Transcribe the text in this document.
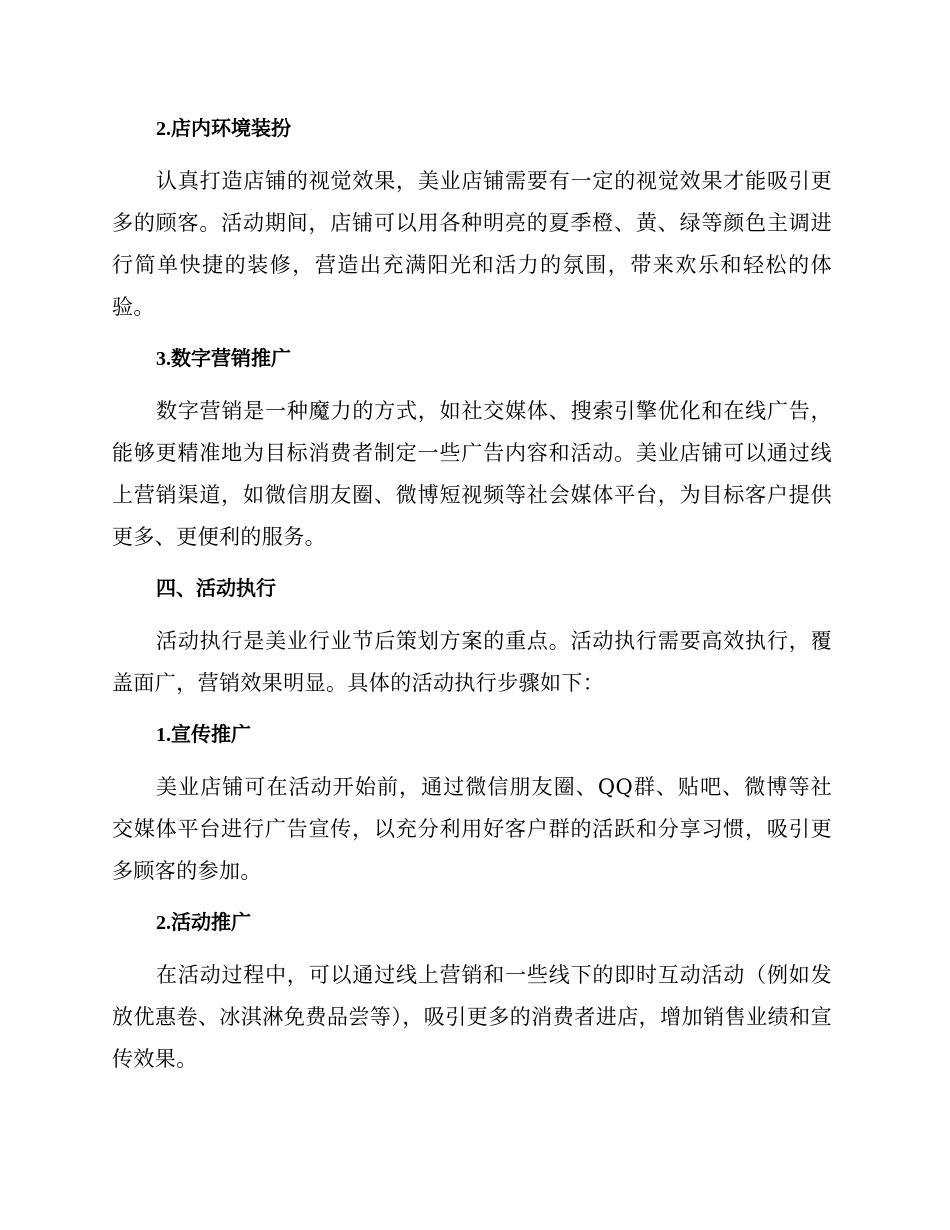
2.店内环境装扮

认真打造店铺的视觉效果，美业店铺需要有一定的视觉效果才能吸引更多的顾客。活动期间，店铺可以用各种明亮的夏季橙、黄、绿等颜色主调进行简单快捷的装修，营造出充满阳光和活力的氛围，带来欢乐和轻松的体验。

3.数字营销推广

数字营销是一种魔力的方式，如社交媒体、搜索引擎优化和在线广告，能够更精准地为目标消费者制定一些广告内容和活动。美业店铺可以通过线上营销渠道，如微信朋友圈、微博短视频等社会媒体平台，为目标客户提供更多、更便利的服务。

四、活动执行

活动执行是美业行业节后策划方案的重点。活动执行需要高效执行，覆盖面广，营销效果明显。具体的活动执行步骤如下：

1.宣传推广

美业店铺可在活动开始前，通过微信朋友圈、QQ群、贴吧、微博等社交媒体平台进行广告宣传，以充分利用好客户群的活跃和分享习惯，吸引更多顾客的参加。

2.活动推广

在活动过程中，可以通过线上营销和一些线下的即时互动活动（例如发放优惠卷、冰淇淋免费品尝等），吸引更多的消费者进店，增加销售业绩和宣传效果。
